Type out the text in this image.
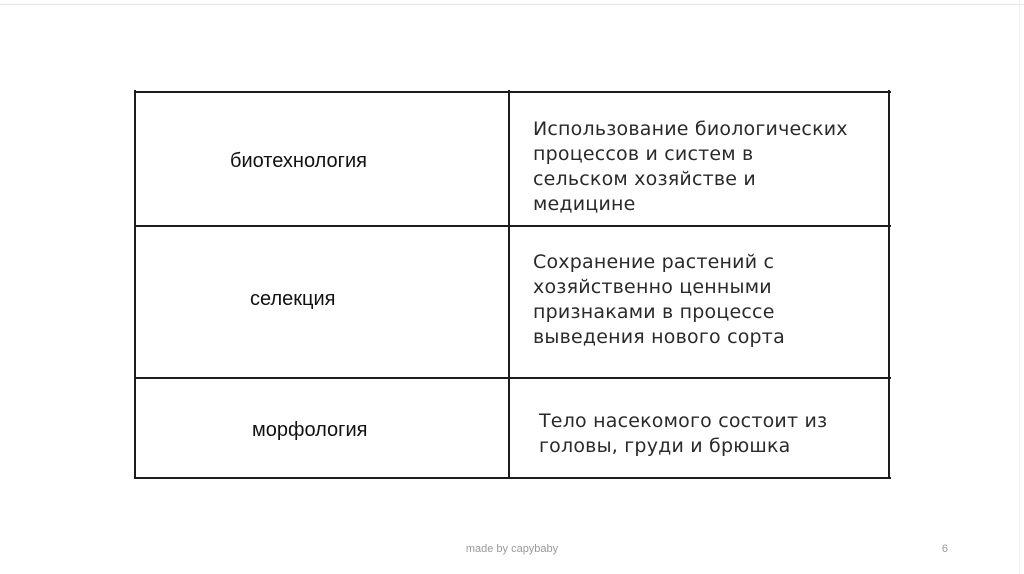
биотехнология
Использование биологических
процессов и систем в
сельском хозяйстве и
медицине
селекция
Сохранение растений с
хозяйственно ценными
признаками в процессе
выведения нового сорта
морфология	Тело насекомого состоит из
головы, груди и брюшка
made by capybaby	6
